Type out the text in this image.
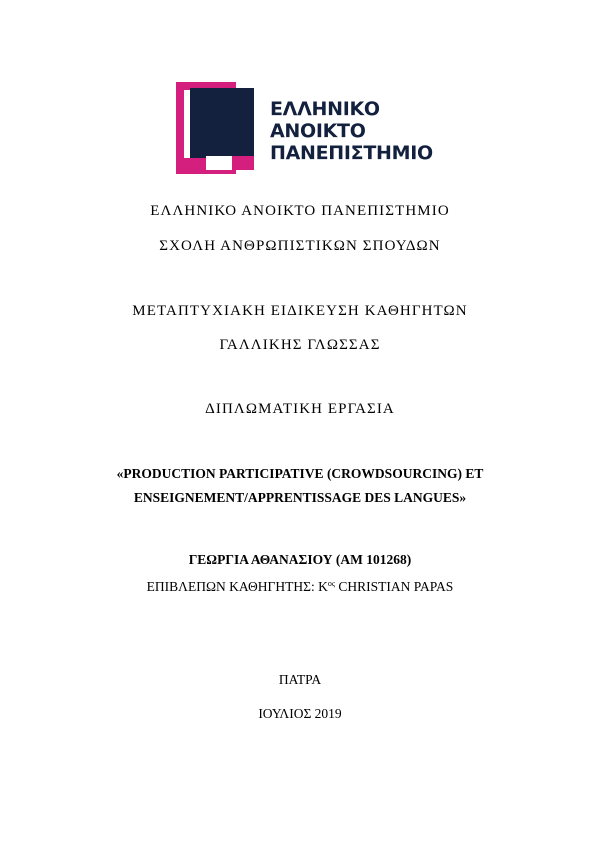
ΕΛΛΗΝΙΚΟ
ΑΝΟΙΚΤΟ
ΠΑΝΕΠΙΣΤΗΜΙΟ
ΕΛΛΗΝΙΚΟ ΑΝΟΙΚΤΟ ΠΑΝΕΠΙΣΤΗΜΙΟ
ΣΧΟΛΗ ΑΝΘΡΩΠΙΣΤΙΚΩΝ ΣΠΟΥΔΩΝ
ΜΕΤΑΠΤΥΧΙΑΚΗ ΕΙΔΙΚΕΥΣΗ ΚΑΘΗΓΗΤΩΝ
ΓΑΛΛΙΚΗΣ ΓΛΩΣΣΑΣ
ΔΙΠΛΩΜΑΤΙΚΗ ΕΡΓΑΣΙΑ
«PRODUCTION PARTICIPATIVE (CROWDSOURCING) ET
ENSEIGNEMENT/APPRENTISSAGE DES LANGUES»
ΓΕΩΡΓΙΑ ΑΘΑΝΑΣΙΟΥ (ΑΜ 101268)
ΕΠΙΒΛΕΠΩΝ ΚΑΘΗΓΗΤΗΣ: $K^{o\varsigma}$ CHRISTIAN PAPAS
ΠΑΤΡΑ
ΙΟΥΛΙΟΣ 2019
